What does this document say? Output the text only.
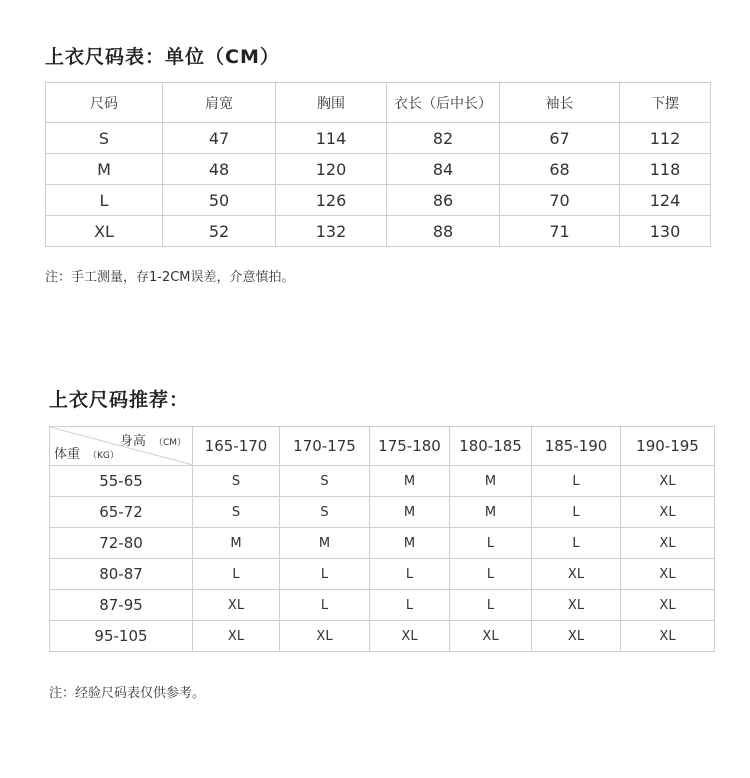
上衣尺码表：单位（CM）
尺码	肩宽	胸围	衣长（后中长）	袖长	下摆
S	47	114	82	67	112
M	48	120	84	68	118
L	50	126	86	70	124
XL	52	132	88	71	130
注：手工测量，存1-2CM误差，介意慎拍。
上衣尺码推荐：
身高 （CM）
体重 （KG）	165-170	170-175	175-180	180-185	185-190	190-195
55-65	S	S	M	M	L	XL
65-72	S	S	M	M	L	XL
72-80	M	M	M	L	L	XL
80-87	L	L	L	L	XL	XL
87-95	XL	L	L	L	XL	XL
95-105	XL	XL	XL	XL	XL	XL
注：经验尺码表仅供参考。
